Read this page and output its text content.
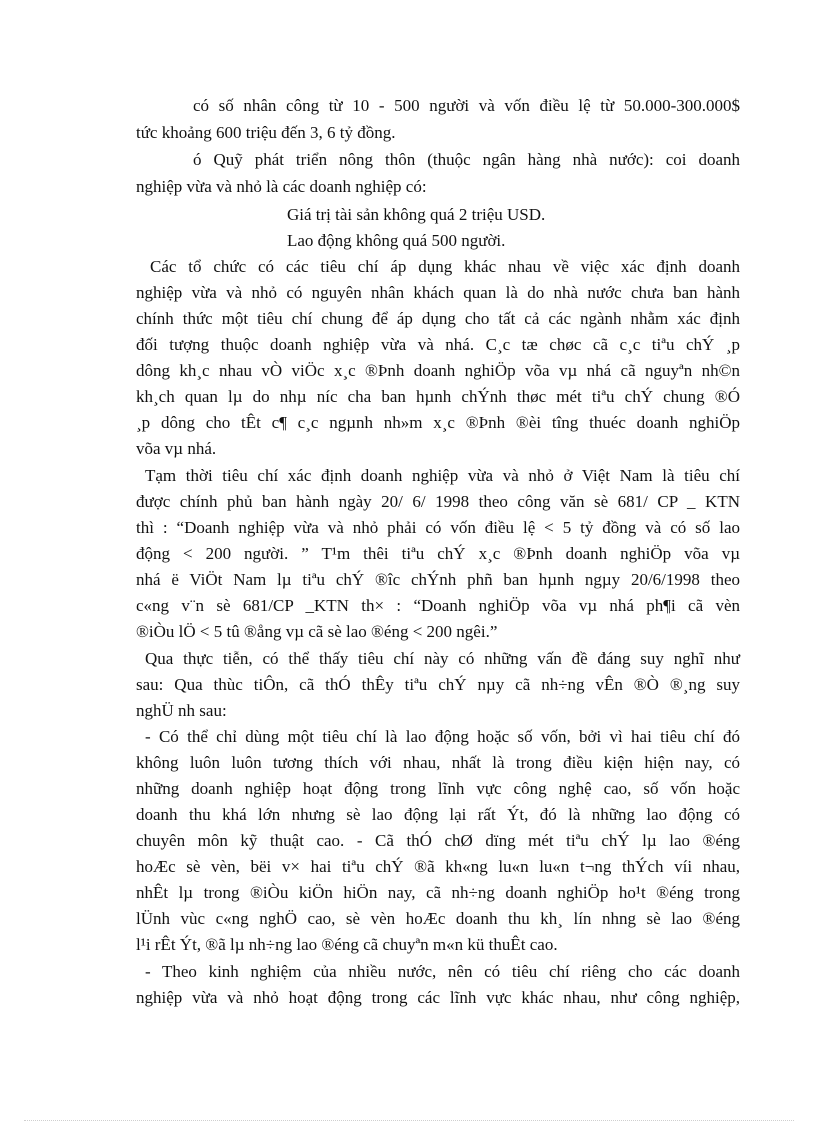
có số nhân công từ 10 - 500 người và vốn điều lệ từ 50.000-300.000$
tức khoảng 600 triệu đến 3, 6 tỷ đồng.
ó Quỹ phát triển nông thôn (thuộc ngân hàng nhà nước): coi doanh
nghiệp vừa và nhỏ là các doanh nghiệp có:
Giá trị tài sản không quá 2 triệu USD.
Lao động không quá 500 người.
Các tổ chức có các tiêu chí áp dụng khác nhau về việc xác định doanh
nghiệp vừa và nhỏ có nguyên nhân khách quan là do nhà nước chưa ban hành
chính thức một tiêu chí chung để áp dụng cho tất cả các ngành nhằm xác định
đối tượng thuộc doanh nghiệp vừa và nhá. C¸c tæ chøc cã c¸c tiªu chÝ ¸p
dông kh¸c nhau vÒ viÖc x¸c ®Þnh doanh nghiÖp võa vµ nhá cã nguyªn nh©n
kh¸ch quan lµ do nhµ níc cha ban hµnh chÝnh thøc mét tiªu chÝ chung ®Ó
¸p dông cho tÊt c¶ c¸c ngµnh nh»m x¸c ®Þnh ®èi tîng thuéc doanh nghiÖp
võa vµ nhá.
Tạm thời tiêu chí xác định doanh nghiệp vừa và nhỏ ở Việt Nam là tiêu chí
được chính phủ ban hành ngày 20/ 6/ 1998 theo công văn sè 681/ CP _ KTN
thì : “Doanh nghiệp vừa và nhỏ phải có vốn điều lệ < 5 tỷ đồng và có số lao
động < 200 người. ” T¹m thêi tiªu chÝ x¸c ®Þnh doanh nghiÖp võa vµ
nhá ë ViÖt Nam lµ tiªu chÝ ®îc chÝnh phñ ban hµnh ngµy 20/6/1998 theo
c«ng v¨n sè 681/CP _KTN th× : “Doanh nghiÖp võa vµ nhá ph¶i cã vèn
®iÒu lÖ < 5 tû ®ång vµ cã sè lao ®éng < 200 ngêi.”
Qua thực tiễn, có thể thấy tiêu chí này có những vấn đề đáng suy nghĩ như
sau: Qua thùc tiÔn, cã thÓ thÊy tiªu chÝ nµy cã nh÷ng vÊn ®Ò ®¸ng suy
nghÜ nh sau:
- Có thể chỉ dùng một tiêu chí là lao động hoặc số vốn, bởi vì hai tiêu chí đó
không luôn luôn tương thích với nhau, nhất là trong điều kiện hiện nay, có
những doanh nghiệp hoạt động trong lĩnh vực công nghệ cao, số vốn hoặc
doanh thu khá lớn nhưng sè lao động lại rất Ýt, đó là những lao động có
chuyên môn kỹ thuật cao. - Cã thÓ chØ dïng mét tiªu chÝ lµ lao ®éng
hoÆc sè vèn, bëi v× hai tiªu chÝ ®ã kh«ng lu«n lu«n t¬ng thÝch víi nhau,
nhÊt lµ trong ®iÒu kiÖn hiÖn nay, cã nh÷ng doanh nghiÖp ho¹t ®éng trong
lÜnh vùc c«ng nghÖ cao, sè vèn hoÆc doanh thu kh¸ lín nhng sè lao ®éng
l¹i rÊt Ýt, ®ã lµ nh÷ng lao ®éng cã chuyªn m«n kü thuÊt cao.
- Theo kinh nghiệm của nhiều nước, nên có tiêu chí riêng cho các doanh
nghiệp vừa và nhỏ hoạt động trong các lĩnh vực khác nhau, như công nghiệp,
